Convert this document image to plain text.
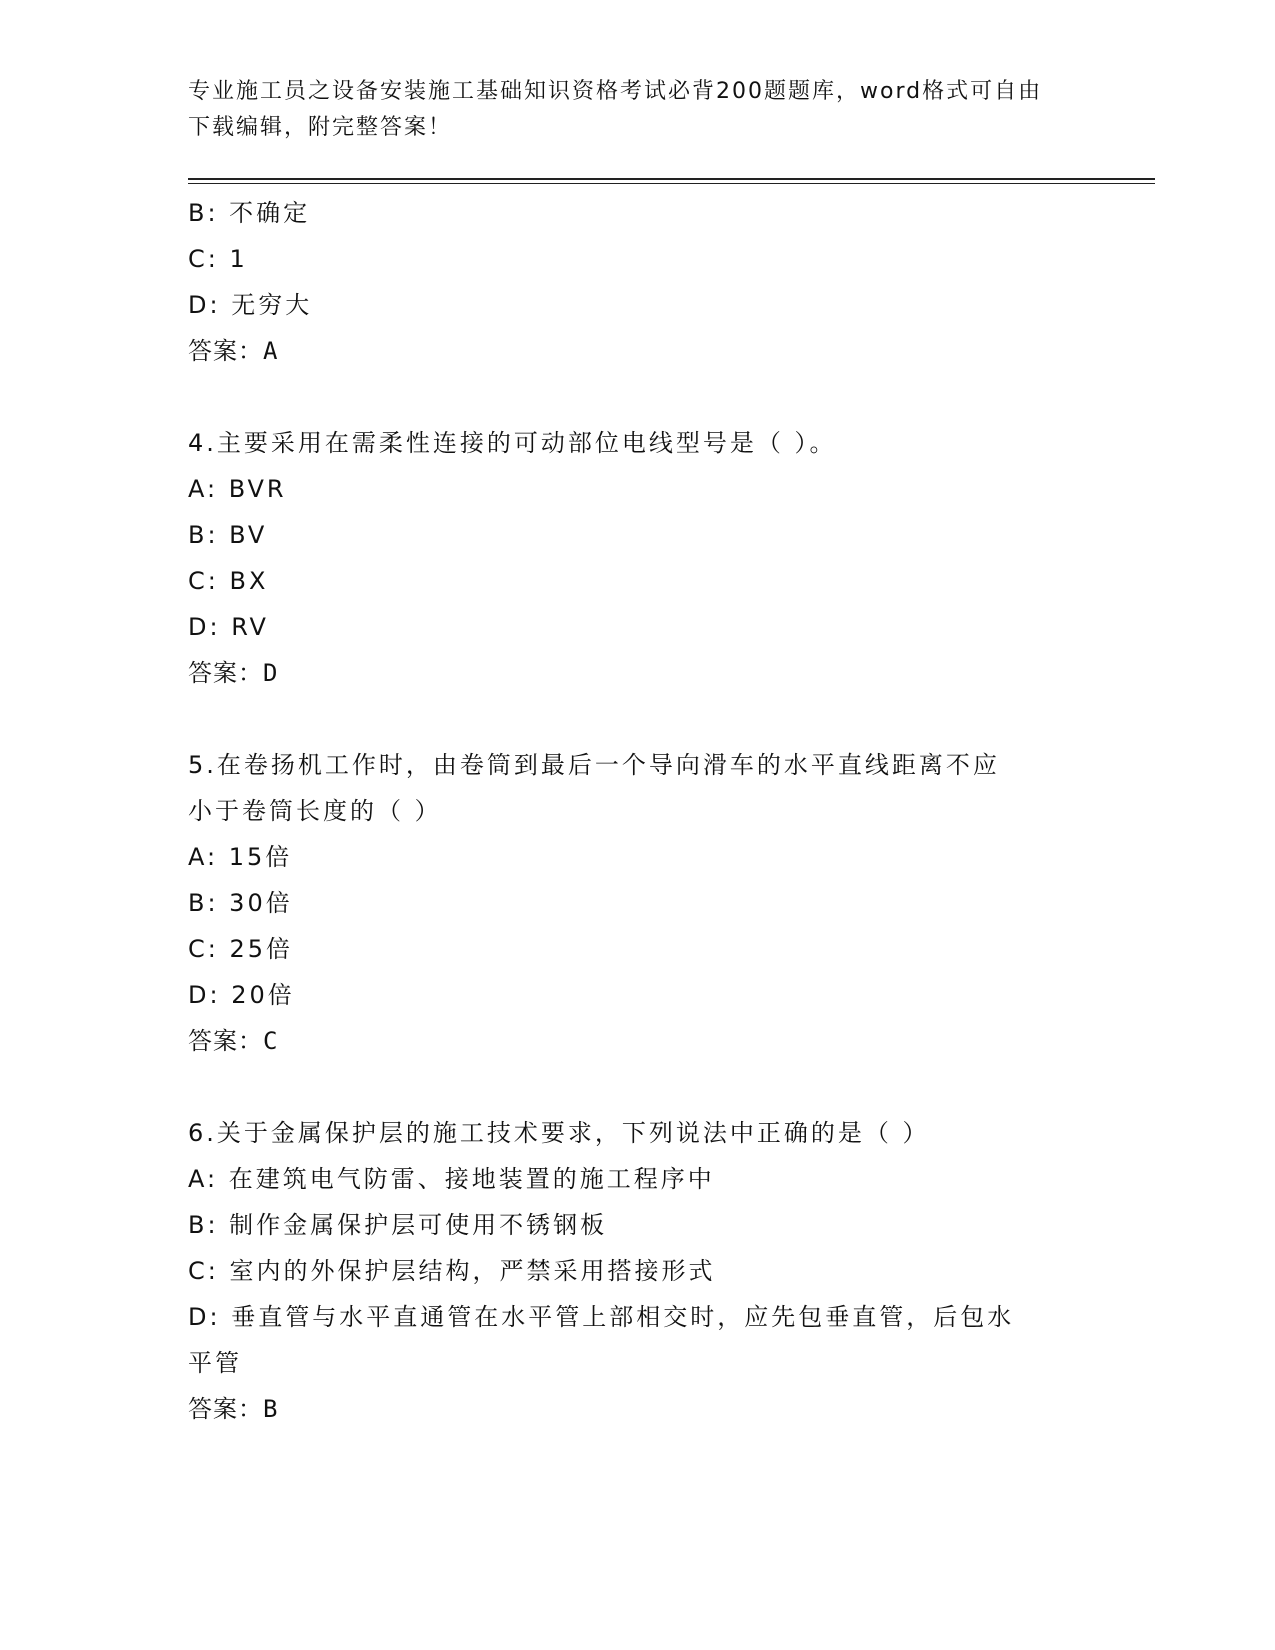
专业施工员之设备安装施工基础知识资格考试必背200题题库，word格式可自由
下载编辑，附完整答案！
B: 不确定
C: 1
D: 无穷大
答案：A
4.主要采用在需柔性连接的可动部位电线型号是（ ）。
A: BVR
B: BV
C: BX
D: RV
答案：D
5.在卷扬机工作时，由卷筒到最后一个导向滑车的水平直线距离不应
小于卷筒长度的（ ）
A: 15倍
B: 30倍
C: 25倍
D: 20倍
答案：C
6.关于金属保护层的施工技术要求，下列说法中正确的是（ ）
A: 在建筑电气防雷、接地装置的施工程序中
B: 制作金属保护层可使用不锈钢板
C: 室内的外保护层结构，严禁采用搭接形式
D: 垂直管与水平直通管在水平管上部相交时，应先包垂直管，后包水
平管
答案：B
